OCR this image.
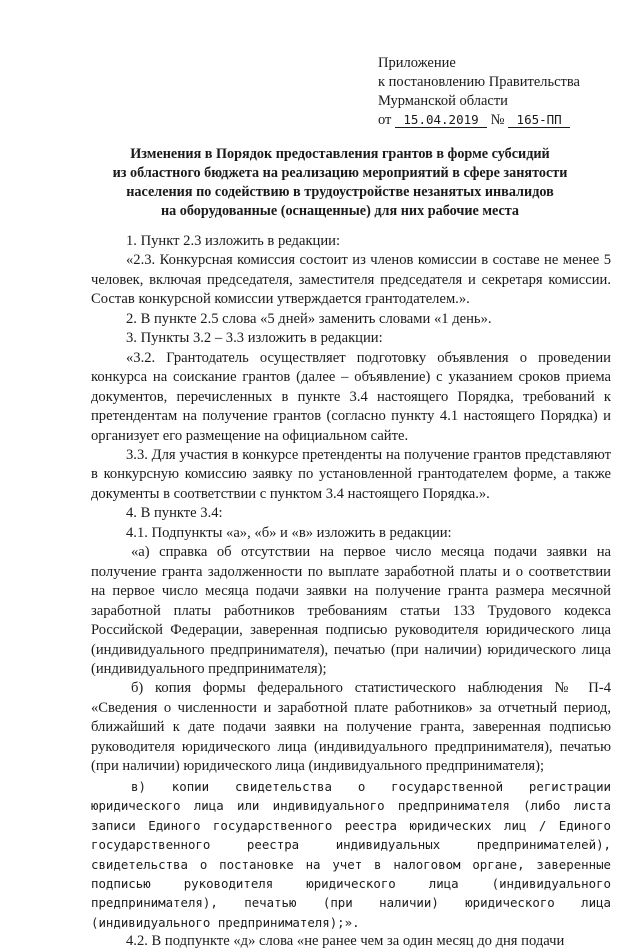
Приложение
к постановлению Правительства
Мурманской области
от 15.04.2019 № 165-ПП
Изменения в Порядок предоставления грантов в форме субсидий
из областного бюджета на реализацию мероприятий в сфере занятости
населения по содействию в трудоустройстве незанятых инвалидов
на оборудованные (оснащенные) для них рабочие места

1. Пункт 2.3 изложить в редакции:

«2.3. Конкурсная комиссия состоит из членов комиссии в составе не менее 5 человек, включая председателя, заместителя председателя и секретаря комиссии. Состав конкурсной комиссии утверждается грантодателем.».

2. В пункте 2.5 слова «5 дней» заменить словами «1 день».

3. Пункты 3.2 – 3.3 изложить в редакции:

«3.2. Грантодатель осуществляет подготовку объявления о проведении конкурса на соискание грантов (далее – объявление) с указанием сроков приема документов, перечисленных в пункте 3.4 настоящего Порядка, требований к претендентам на получение грантов (согласно пункту 4.1 настоящего Порядка) и организует его размещение на официальном сайте.

3.3. Для участия в конкурсе претенденты на получение грантов представляют в конкурсную комиссию заявку по установленной грантодателем форме, а также документы в соответствии с пунктом 3.4 настоящего Порядка.».

4. В пункте 3.4:

4.1. Подпункты «а», «б» и «в» изложить в редакции:

«а) справка об отсутствии на первое число месяца подачи заявки на получение гранта задолженности по выплате заработной платы и о соответствии на первое число месяца подачи заявки на получение гранта размера месячной заработной платы работников требованиям статьи 133 Трудового кодекса Российской Федерации, заверенная подписью руководителя юридического лица (индивидуального предпринимателя), печатью (при наличии) юридического лица (индивидуального предпринимателя);

б) копия формы федерального статистического наблюдения № П-4 «Сведения о численности и заработной плате работников» за отчетный период, ближайший к дате подачи заявки на получение гранта, заверенная подписью руководителя юридического лица (индивидуального предпринимателя), печатью (при наличии) юридического лица (индивидуального предпринимателя);

в) копии свидетельства о государственной регистрации юридического лица или индивидуального предпринимателя (либо листа записи Единого государственного реестра юридических лиц / Единого государственного реестра индивидуальных предпринимателей), свидетельства о постановке на учет в налоговом органе, заверенные подписью руководителя юридического лица (индивидуального предпринимателя), печатью (при наличии) юридического лица (индивидуального предпринимателя);».

4.2. В подпункте «д» слова «не ранее чем за один месяц до дня подачи
